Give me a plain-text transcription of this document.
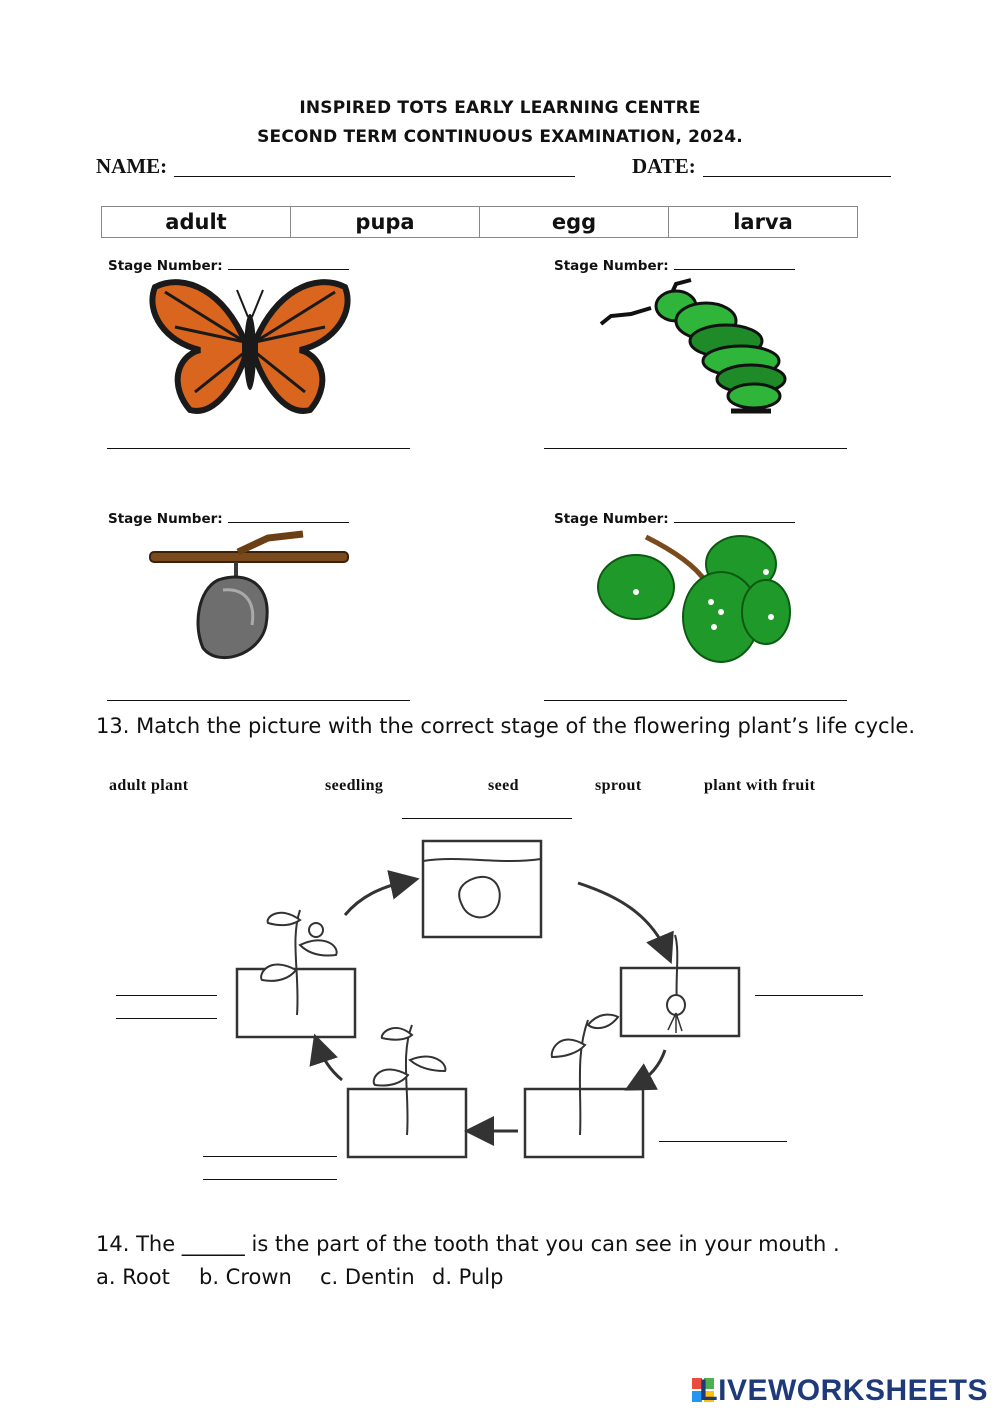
INSPIRED TOTS EARLY LEARNING CENTRE
SECOND TERM CONTINUOUS EXAMINATION, 2024.
NAME:	DATE:
adult	pupa	egg	larva
Stage Number:	Stage Number:
Stage Number:	Stage Number:
13. Match the picture with the correct stage of the flowering plant’s life cycle.
adult plant	seedling	seed	sprout	plant with fruit
14. The ______ is the part of the tooth that you can see in your mouth .
a. Root b. Crown c. Dentin d. Pulp
LIVEWORKSHEETS
